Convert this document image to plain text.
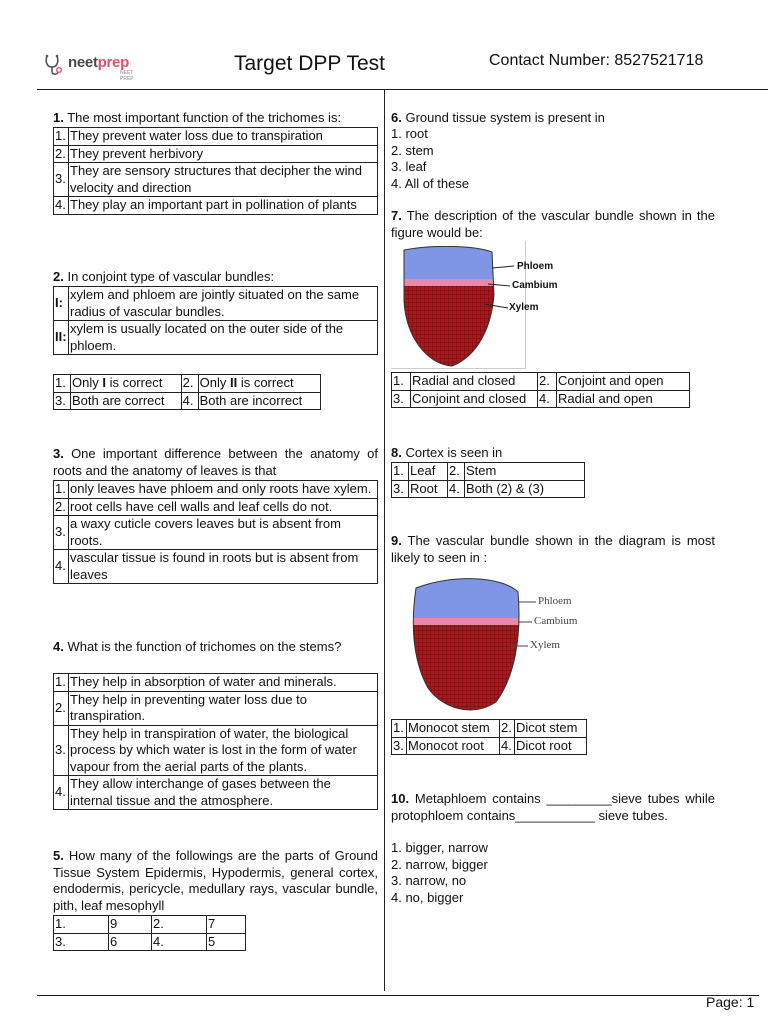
neetprep
NEET PREP
Target DPP Test	Contact Number: 8527521718
Page: 1
1. The most important function of the trichomes is:
1.	They prevent water loss due to transpiration
2.	They prevent herbivory
3.	They are sensory structures that decipher the wind velocity and direction
4.	They play an important part in pollination of plants
2. In conjoint type of vascular bundles:
I:	xylem and phloem are jointly situated on the same radius of vascular bundles.
II:	xylem is usually located on the outer side of the phloem.
1.	Only I is correct	2.	Only II is correct
3.	Both are correct	4.	Both are incorrect
3. One important difference between the anatomy of roots and the anatomy of leaves is that
1.	only leaves have phloem and only roots have xylem.
2.	root cells have cell walls and leaf cells do not.
3.	a waxy cuticle covers leaves but is absent from roots.
4.	vascular tissue is found in roots but is absent from leaves
4. What is the function of trichomes on the stems?
1.	They help in absorption of water and minerals.
2.	They help in preventing water loss due to transpiration.
3.	They help in transpiration of water, the biological process by which water is lost in the form of water vapour from the aerial parts of the plants.
4.	They allow interchange of gases between the internal tissue and the atmosphere.
5. How many of the followings are the parts of Ground Tissue System Epidermis, Hypodermis, general cortex, endodermis, pericycle, medullary rays, vascular bundle, pith, leaf mesophyll
1.	9	2.	7
3.	6	4.	5
6. Ground tissue system is present in
1. root
2. stem
3. leaf
4. All of these
7. The description of the vascular bundle shown in the figure would be:
Phloem
Cambium
Xylem
1.	Radial and closed	2.	Conjoint and open
3.	Conjoint and closed	4.	Radial and open
8. Cortex is seen in
1.	Leaf	2.	Stem
3.	Root	4.	Both (2) & (3)
9. The vascular bundle shown in the diagram is most likely to seen in :
Phloem
Cambium
Xylem
1.	Monocot stem	2.	Dicot stem
3.	Monocot root	4.	Dicot root
10. Metaphloem contains _________sieve tubes while protophloem contains___________ sieve tubes.
1. bigger, narrow
2. narrow, bigger
3. narrow, no
4. no, bigger
